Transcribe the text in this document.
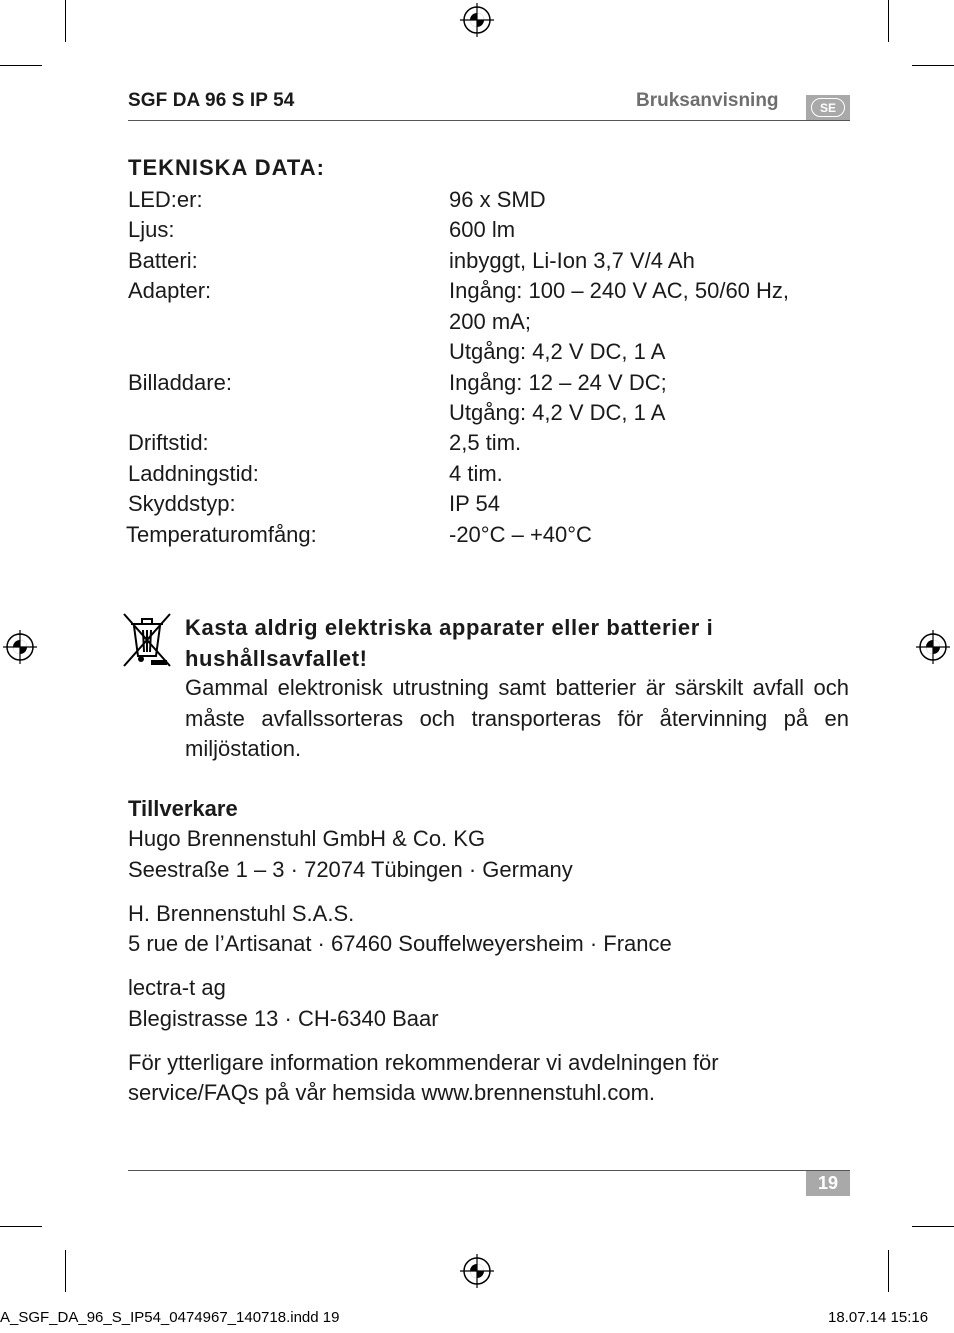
SGF DA 96 S IP 54	Bruksanvisning	SE
TEKNISKA DATA:
LED:er:	96 x SMD
Ljus:	600 lm
Batteri:	inbyggt, Li-Ion 3,7 V/4 Ah
Adapter:	Ingång: 100 – 240 V AC, 50/60 Hz,
200 mA;
Utgång: 4,2 V DC, 1 A
Billaddare:	Ingång: 12 – 24 V DC;
Utgång: 4,2 V DC, 1 A
Driftstid:	2,5 tim.
Laddningstid:	4 tim.
Skyddstyp:	IP 54
Temperaturomfång:	-20°C – +40°C
Kasta aldrig elektriska apparater eller batterier i hushållsavfallet!
Gammal elektronisk utrustning samt batterier är särskilt avfall och måste avfallssorteras och transporteras för återvinning på en miljöstation.
Tillverkare
Hugo Brennenstuhl GmbH & Co. KG
Seestraße 1 – 3 · 72074 Tübingen · Germany
H. Brennenstuhl S.A.S.
5 rue de l’Artisanat · 67460 Souffelweyersheim · France
lectra-t ag
Blegistrasse 13 · CH-6340 Baar
För ytterligare information rekommenderar vi avdelningen för
service/FAQs på vår hemsida www.brennenstuhl.com.
19
A_SGF_DA_96_S_IP54_0474967_140718.indd 19	18.07.14 15:16
